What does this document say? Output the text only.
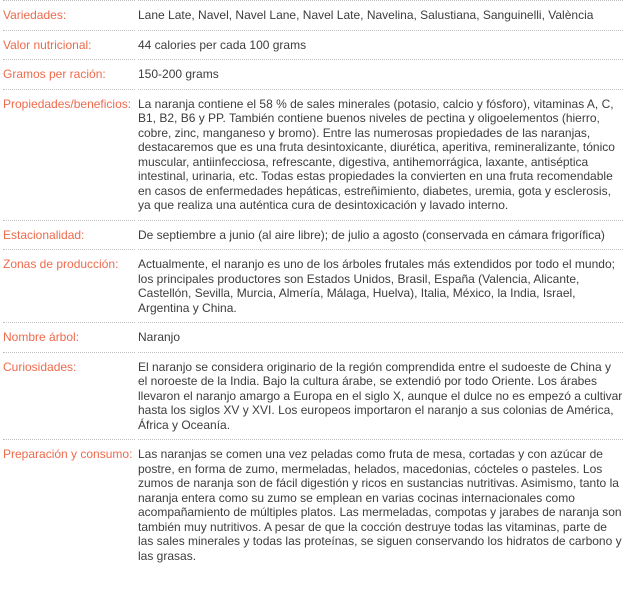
Variedades:	Lane Late, Navel, Navel Lane, Navel Late, Navelina, Salustiana, Sanguinelli, València
Valor nutricional:	44 calories per cada 100 grams
Gramos per ración:	150-200 grams
Propiedades/beneficios:	La naranja contiene el 58 % de sales minerales (potasio, calcio y fósforo), vitaminas A, C, B1, B2, B6 y PP. También contiene buenos niveles de pectina y oligoelementos (hierro, cobre, zinc, manganeso y bromo). Entre las numerosas propiedades de las naranjas, destacaremos que es una fruta desintoxicante, diurética, aperitiva, remineralizante, tónico muscular, antiinfecciosa, refrescante, digestiva, antihemorrágica, laxante, antiséptica intestinal, urinaria, etc. Todas estas propiedades la convierten en una fruta recomendable en casos de enfermedades hepáticas, estreñimiento, diabetes, uremia, gota y esclerosis, ya que realiza una auténtica cura de desintoxicación y lavado interno.
Estacionalidad:	De septiembre a junio (al aire libre); de julio a agosto (conservada en cámara frigorífica)
Zonas de producción:	Actualmente, el naranjo es uno de los árboles frutales más extendidos por todo el mundo; los principales productores son Estados Unidos, Brasil, España (Valencia, Alicante, Castellón, Sevilla, Murcia, Almería, Málaga, Huelva), Italia, México, la India, Israel, Argentina y China.
Nombre árbol:	Naranjo
Curiosidades:	El naranjo se considera originario de la región comprendida entre el sudoeste de China y el noroeste de la India. Bajo la cultura árabe, se extendió por todo Oriente. Los árabes llevaron el naranjo amargo a Europa en el siglo X, aunque el dulce no es empezó a cultivar hasta los siglos XV y XVI. Los europeos importaron el naranjo a sus colonias de América, África y Oceanía.
Preparación y consumo:	Las naranjas se comen una vez peladas como fruta de mesa, cortadas y con azúcar de postre, en forma de zumo, mermeladas, helados, macedonias, cócteles o pasteles. Los zumos de naranja son de fácil digestión y ricos en sustancias nutritivas. Asimismo, tanto la naranja entera como su zumo se emplean en varias cocinas internacionales como acompañamiento de múltiples platos. Las mermeladas, compotas y jarabes de naranja son también muy nutritivos. A pesar de que la cocción destruye todas las vitaminas, parte de las sales minerales y todas las proteínas, se siguen conservando los hidratos de carbono y las grasas.
